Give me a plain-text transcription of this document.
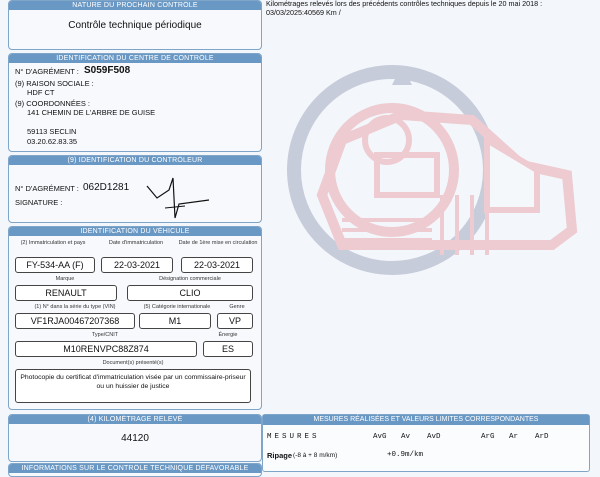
Kilométrages relevés lors des précédents contrôles techniques depuis le 20 mai 2018 :
03/03/2025:40569 Km /
NATURE DU PROCHAIN CONTRÔLE
Contrôle technique périodique
IDENTIFICATION DU CENTRE DE CONTRÔLE
N° D'AGRÉMENT : S059F508
(9) RAISON SOCIALE :
HDF CT
(9) COORDONNÉES :
141 CHEMIN DE L'ARBRE DE GUISE
59113 SECLIN
03.20.62.83.35
(9) IDENTIFICATION DU CONTRÔLEUR
N° D'AGRÉMENT : 062D1281
SIGNATURE :
IDENTIFICATION DU VÉHICULE
(2) Immatriculation et pays	Date d'immatriculation	Date de 1ère mise en circulation
FY-534-AA (F)	22-03-2021	22-03-2021
Marque	Désignation commerciale
RENAULT	CLIO
(1) N° dans la série du type (VIN)	(5) Catégorie internationale	Genre
VF1RJA00467207368	M1	VP
Type/CNIT	Énergie
M10RENVPC88Z874	ES
Document(s) présenté(s)
Photocopie du certificat d'immatriculation visée par un commissaire-priseur ou un huissier de justice
(4) KILOMÉTRAGE RELEVÉ
44120
INFORMATIONS SUR LE CONTRÔLE TECHNIQUE DÉFAVORABLE
MESURES RÉALISÉES ET VALEURS LIMITES CORRESPONDANTES
MESURES	AvG Av AvD	ArG Ar ArD
Ripage (-8 à + 8 m/km)	+0.9m/km
